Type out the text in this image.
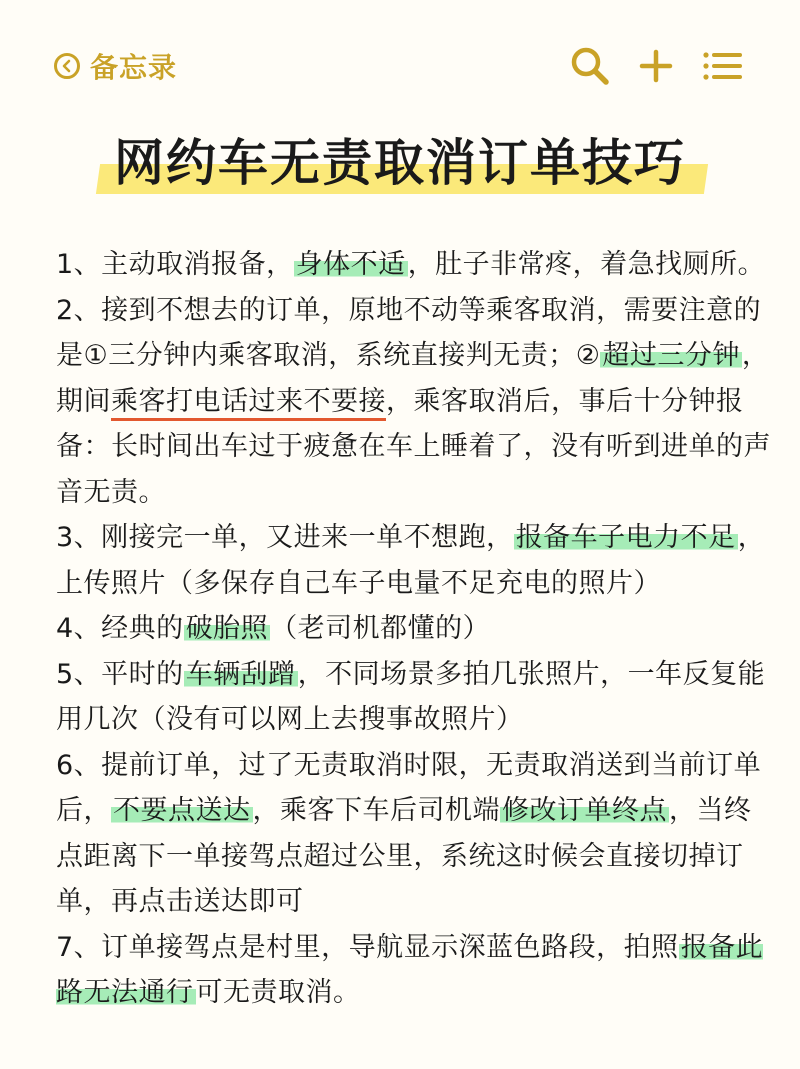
备忘录
网约车无责取消订单技巧

1、主动取消报备，身体不适，肚子非常疼，着急找厕所。

2、接到不想去的订单，原地不动等乘客取消，需要注意的是①三分钟内乘客取消，系统直接判无责；②超过三分钟，期间乘客打电话过来不要接，乘客取消后，事后十分钟报备：长时间出车过于疲惫在车上睡着了，没有听到进单的声音无责。

3、刚接完一单，又进来一单不想跑，报备车子电力不足，上传照片（多保存自己车子电量不足充电的照片）

4、经典的破胎照（老司机都懂的）

5、平时的车辆刮蹭，不同场景多拍几张照片，一年反复能用几次（没有可以网上去搜事故照片）

6、提前订单，过了无责取消时限，无责取消送到当前订单后，不要点送达，乘客下车后司机端修改订单终点，当终点距离下一单接驾点超过公里，系统这时候会直接切掉订单，再点击送达即可

7、订单接驾点是村里，导航显示深蓝色路段，拍照报备此路无法通行可无责取消。
